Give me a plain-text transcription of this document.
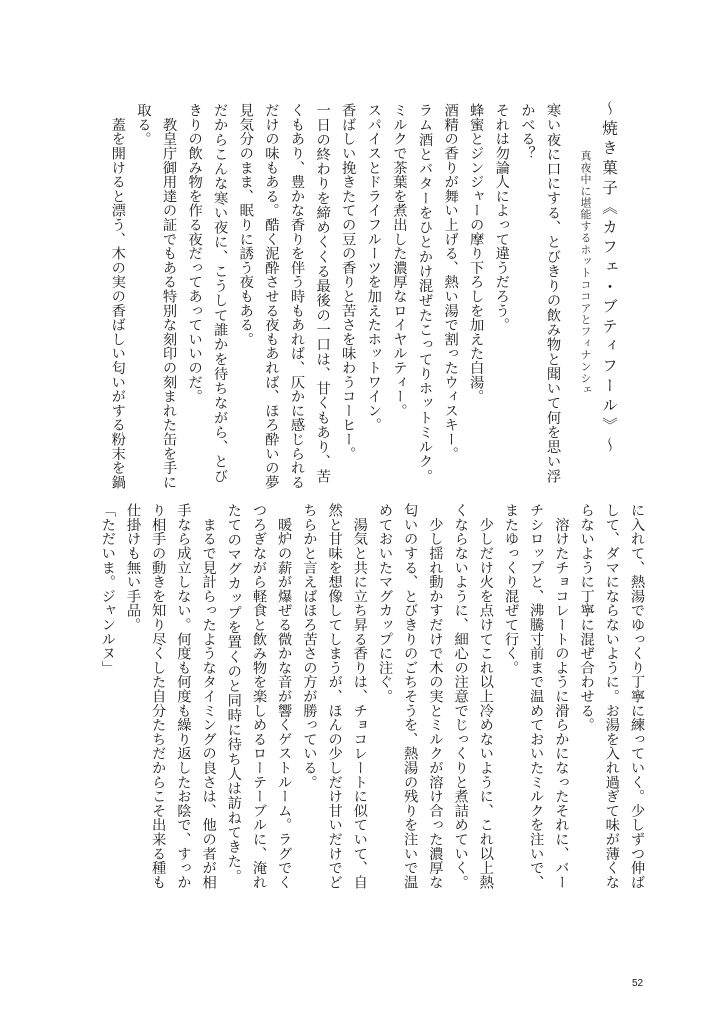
～焼き菓子《カフェ・ブティフール》～
真夜中に堪能するホットココアとフィナンシェ
寒い夜に口にする、とびきりの飲み物と聞いて何を思い浮
かべる？
それは勿論人によって違うだろう。
蜂蜜とジンジャーの摩り下ろしを加えた白湯。
酒精の香りが舞い上げる、熱い湯で割ったウィスキー。
ラム酒とバターをひとかけ混ぜたこってりホットミルク。
ミルクで茶葉を煮出した濃厚なロイヤルティー。
スパイスとドライフルーツを加えたホットワイン。
香ばしい挽きたての豆の香りと苦さを味わうコーヒー。
一日の終わりを締めくくる最後の一口は、甘くもあり、苦
くもあり、豊かな香りを伴う時もあれば、仄かに感じられる
だけの味もある。酷く泥酔させる夜もあれば、ほろ酔いの夢
見気分のまま、眠りに誘う夜もある。
だからこんな寒い夜に、こうして誰かを待ちながら、とび
きりの飲み物を作る夜だってあっていいのだ。
　教皇庁御用達の証でもある特別な刻印の刻まれた缶を手に
取る。
　蓋を開けると漂う、木の実の香ばしい匂いがする粉末を鍋
に入れて、熱湯でゆっくり丁寧に練っていく。少しずつ伸ば
して、ダマにならないように。お湯を入れ過ぎて味が薄くな
らないように丁寧に混ぜ合わせる。
　溶けたチョコレートのように滑らかになったそれに、バー
チシロップと、沸騰寸前まで温めておいたミルクを注いで、
またゆっくり混ぜて行く。
　少しだけ火を点けてこれ以上冷めないように、これ以上熱
くならないように、細心の注意でじっくりと煮詰めていく。
　少し揺れ動かすだけで木の実とミルクが溶け合った濃厚な
匂いのする、とびきりのごちそうを、熱湯の残りを注いで温
めておいたマグカップに注ぐ。
　湯気と共に立ち昇る香りは、チョコレートに似ていて、自
然と甘味を想像してしまうが、ほんの少しだけ甘いだけでど
ちらかと言えばほろ苦さの方が勝っている。
　暖炉の薪が爆ぜる微かな音が響くゲストルーム。ラグでく
つろぎながら軽食と飲み物を楽しめるローテーブルに、淹れ
たてのマグカップを置くのと同時に待ち人は訪ねてきた。
　まるで見計らったようなタイミングの良さは、他の者が相
手なら成立しない。何度も何度も繰り返したお陰で、すっか
り相手の動きを知り尽くした自分たちだからこそ出来る種も
仕掛けも無い手品。
「ただいま。ジャンルヌ」
52
